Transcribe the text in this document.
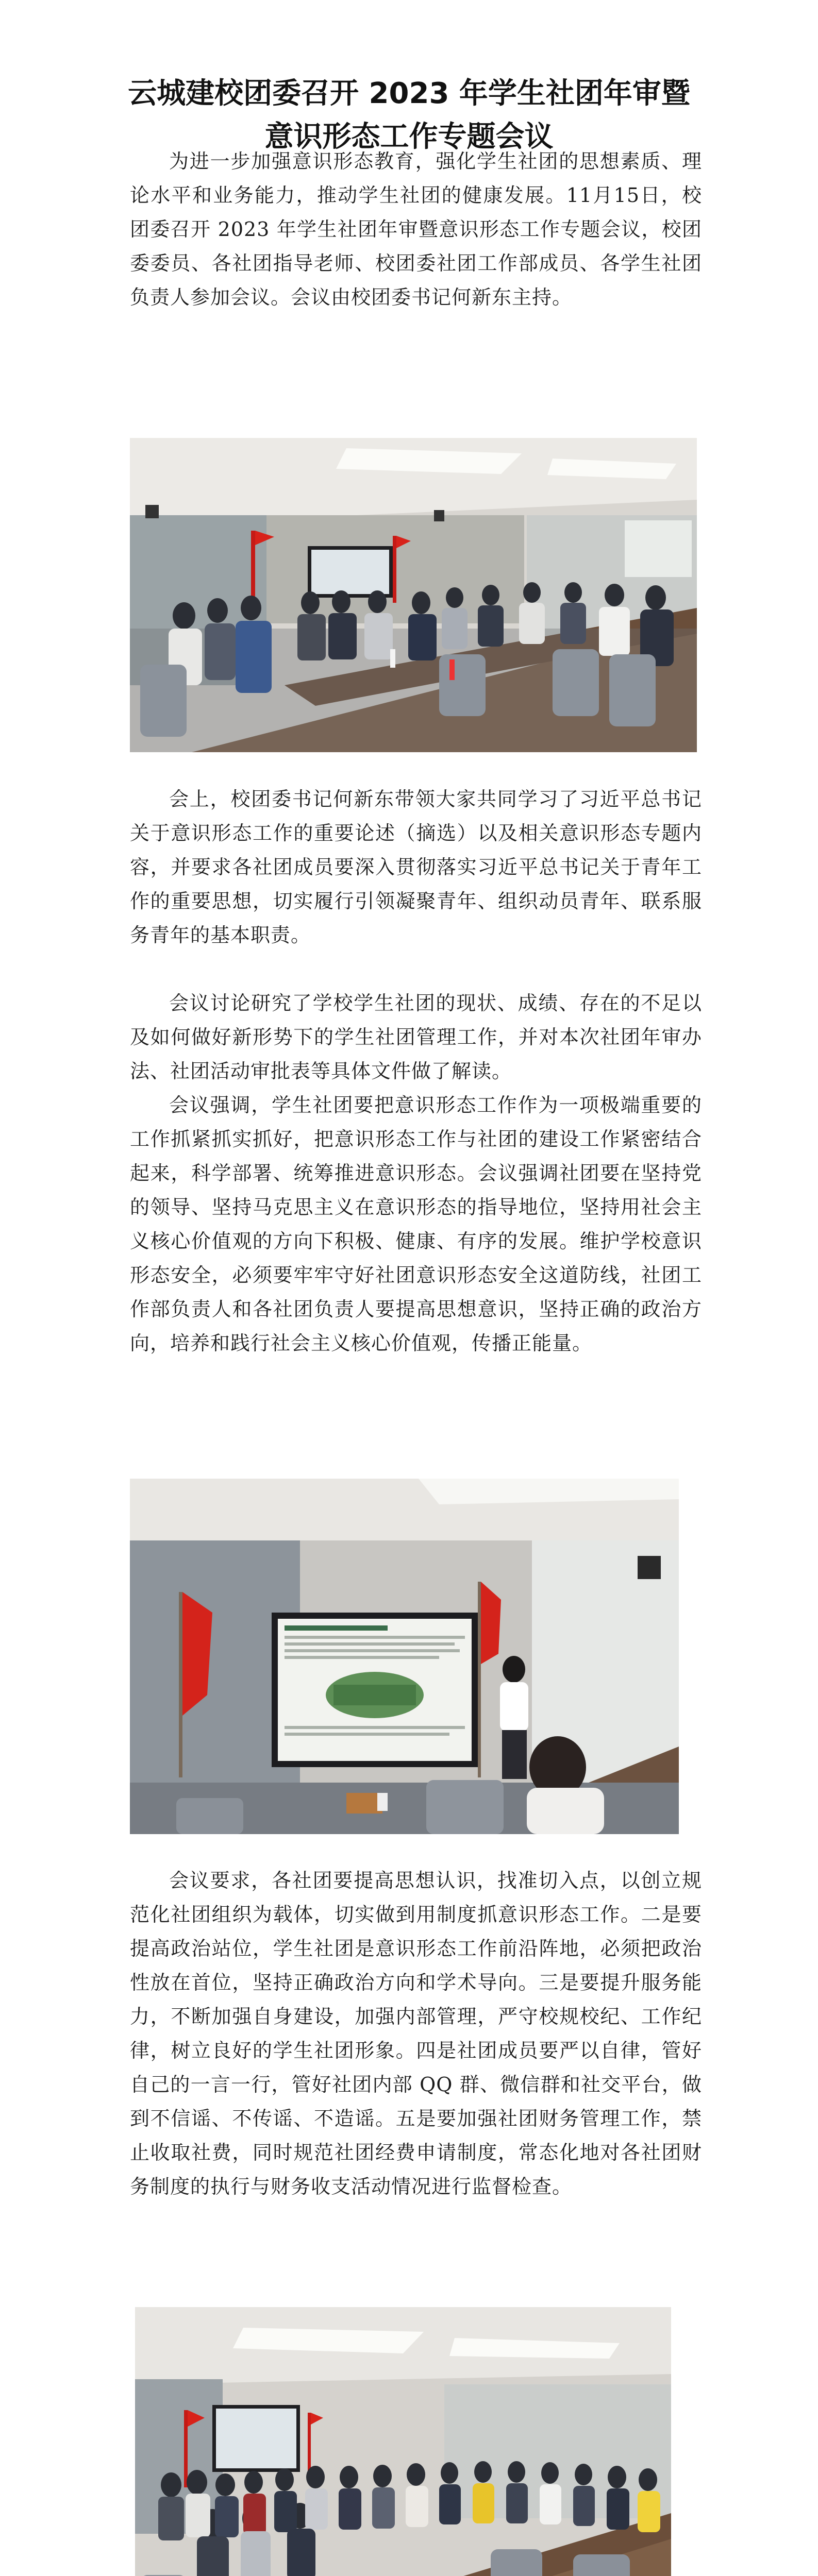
云城建校团委召开 2023 年学生社团年审暨
意识形态工作专题会议

为进一步加强意识形态教育，强化学生社团的思想素质、理论水平和业务能力，推动学生社团的健康发展。11月15日，校团委召开 2023 年学生社团年审暨意识形态工作专题会议，校团委委员、各社团指导老师、校团委社团工作部成员、各学生社团负责人参加会议。会议由校团委书记何新东主持。

会上，校团委书记何新东带领大家共同学习了习近平总书记关于意识形态工作的重要论述（摘选）以及相关意识形态专题内容，并要求各社团成员要深入贯彻落实习近平总书记关于青年工作的重要思想，切实履行引领凝聚青年、组织动员青年、联系服务青年的基本职责。

会议讨论研究了学校学生社团的现状、成绩、存在的不足以及如何做好新形势下的学生社团管理工作，并对本次社团年审办法、社团活动审批表等具体文件做了解读。

会议强调，学生社团要把意识形态工作作为一项极端重要的工作抓紧抓实抓好，把意识形态工作与社团的建设工作紧密结合起来，科学部署、统筹推进意识形态。会议强调社团要在坚持党的领导、坚持马克思主义在意识形态的指导地位，坚持用社会主义核心价值观的方向下积极、健康、有序的发展。维护学校意识形态安全，必须要牢牢守好社团意识形态安全这道防线，社团工作部负责人和各社团负责人要提高思想意识，坚持正确的政治方向，培养和践行社会主义核心价值观，传播正能量。

会议要求，各社团要提高思想认识，找准切入点，以创立规范化社团组织为载体，切实做到用制度抓意识形态工作。二是要提高政治站位，学生社团是意识形态工作前沿阵地，必须把政治性放在首位，坚持正确政治方向和学术导向。三是要提升服务能力，不断加强自身建设，加强内部管理，严守校规校纪、工作纪律，树立良好的学生社团形象。四是社团成员要严以自律，管好自己的一言一行，管好社团内部 QQ 群、微信群和社交平台，做到不信谣、不传谣、不造谣。五是要加强社团财务管理工作，禁止收取社费，同时规范社团经费申请制度，常态化地对各社团财务制度的执行与财务收支活动情况进行监督检查。
